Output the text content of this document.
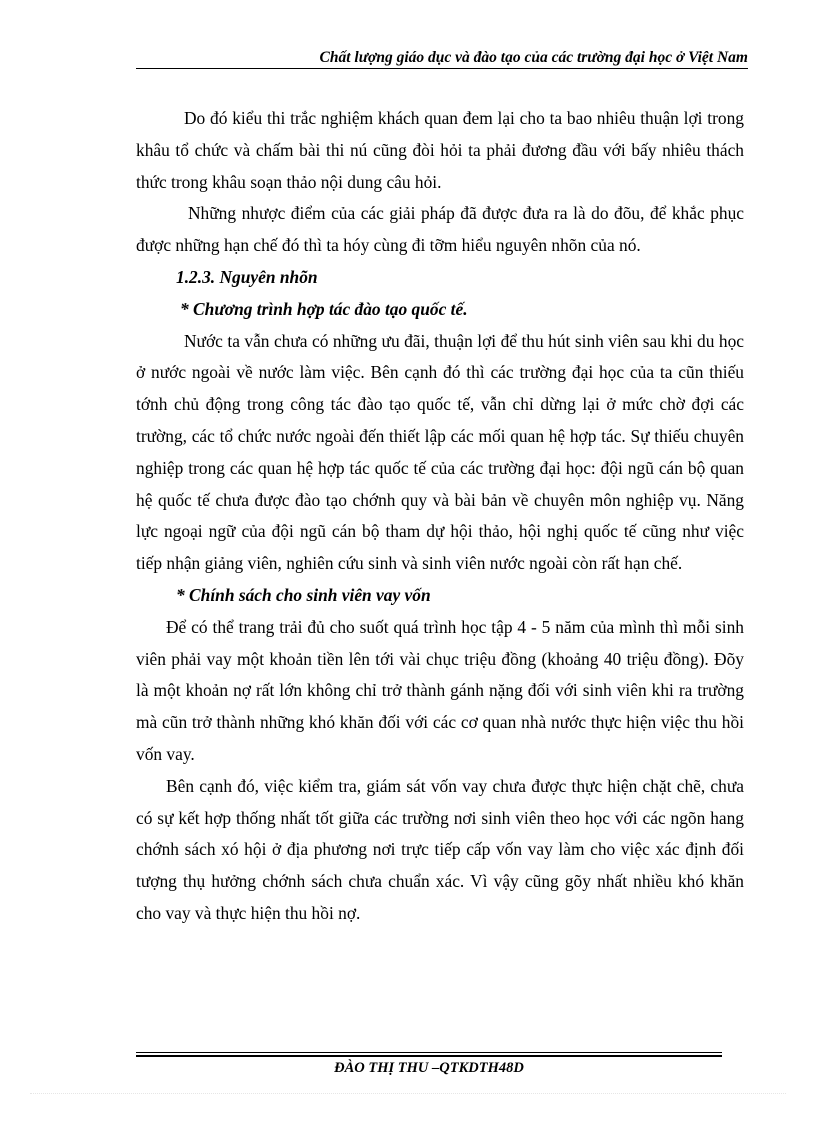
Chất lượng giáo dục và đào tạo của các trường đại học ở Việt Nam

Do đó kiểu thi trắc nghiệm khách quan đem lại cho ta bao nhiêu thuận lợi trong khâu tổ chức và chấm bài thi nú cũng đòi hỏi ta phải đương đầu với bấy nhiêu thách thức trong khâu soạn thảo nội dung câu hỏi.

Những nhược điểm của các giải pháp đã được đưa ra là do đõu, để khắc phục được những hạn chế đó thì ta hóy cùng đi tỡm hiểu nguyên nhõn của nó.

1.2.3. Nguyên nhõn
* Chương trình hợp tác đào tạo quốc tế.

Nước ta vẫn chưa có những ưu đãi, thuận lợi để thu hút sinh viên sau khi du học ở nước ngoài về nước làm việc. Bên cạnh đó thì các trường đại học của ta cũn thiếu tớnh chủ động trong công tác đào tạo quốc tế, vẫn chỉ dừng lại ở mức chờ đợi các trường, các tổ chức nước ngoài đến thiết lập các mối quan hệ hợp tác. Sự thiếu chuyên nghiệp trong các quan hệ hợp tác quốc tế của các trường đại học: đội ngũ cán bộ quan hệ quốc tế chưa được đào tạo chớnh quy và bài bản về chuyên môn nghiệp vụ. Năng lực ngoại ngữ của đội ngũ cán bộ tham dự hội thảo, hội nghị quốc tế cũng như việc tiếp nhận giảng viên, nghiên cứu sinh và sinh viên nước ngoài còn rất hạn chế.

* Chính sách cho sinh viên vay vốn

Để có thể trang trải đủ cho suốt quá trình học tập 4 - 5 năm của mình thì mỗi sinh viên phải vay một khoản tiền lên tới vài chục triệu đồng (khoảng 40 triệu đồng). Đõy là một khoản nợ rất lớn không chỉ trở thành gánh nặng đối với sinh viên khi ra trường mà cũn trở thành những khó khăn đối với các cơ quan nhà nước thực hiện việc thu hồi vốn vay.

Bên cạnh đó, việc kiểm tra, giám sát vốn vay chưa được thực hiện chặt chẽ, chưa có sự kết hợp thống nhất tốt giữa các trường nơi sinh viên theo học với các ngõn hang chớnh sách xó hội ở địa phương nơi trực tiếp cấp vốn vay làm cho việc xác định đối tượng thụ hưởng chớnh sách chưa chuẩn xác. Vì vậy cũng gõy nhất nhiều khó khăn cho vay và thực hiện thu hồi nợ.

ĐÀO THỊ THU –QTKDTH48D
